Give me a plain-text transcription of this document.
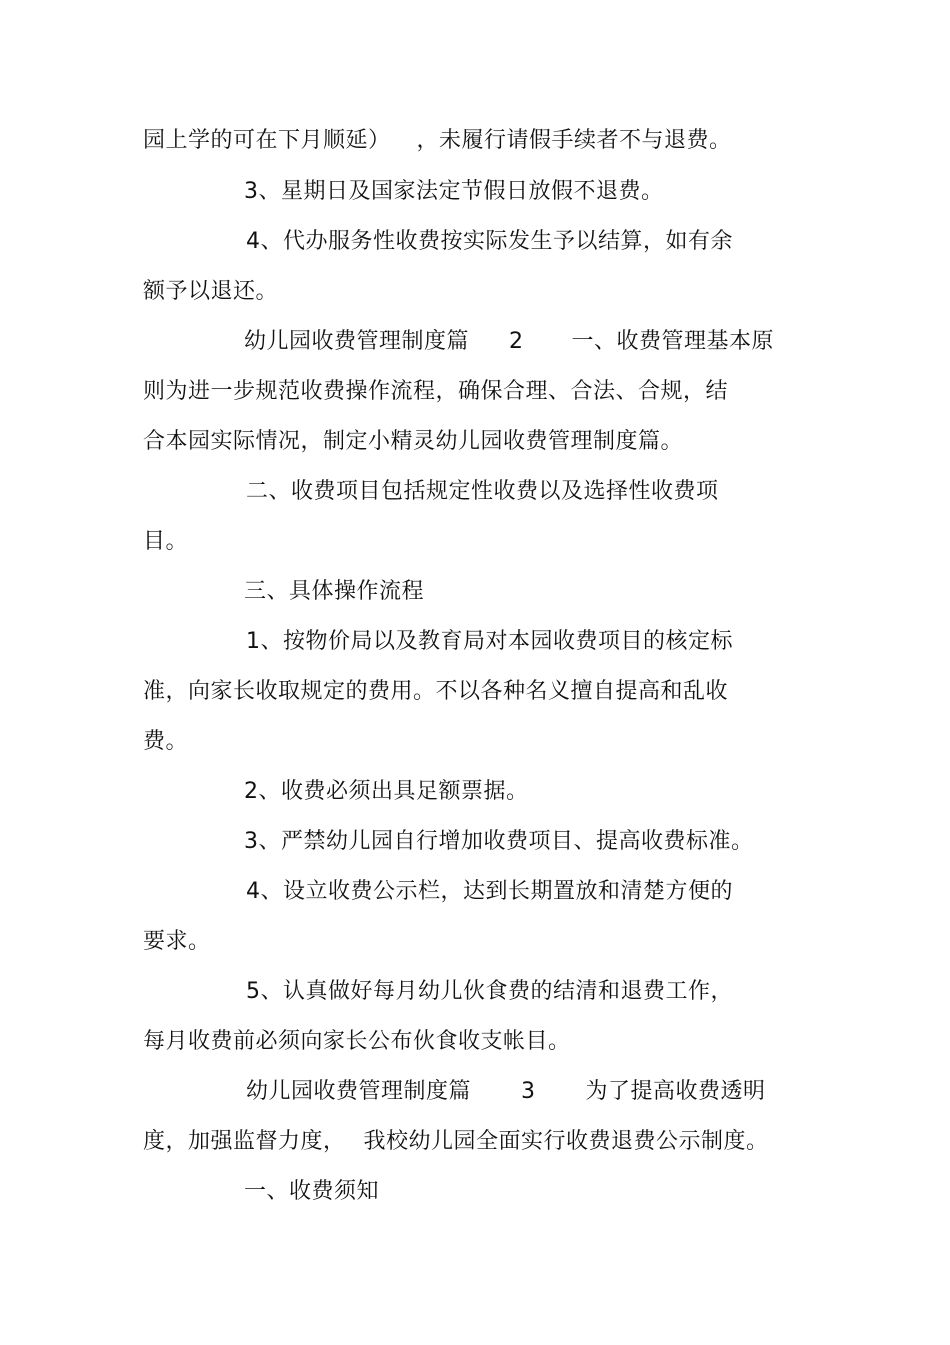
园上学的可在下月顺延） ，未履行请假手续者不与退费。
3、星期日及国家法定节假日放假不退费。
4、代办服务性收费按实际发生予以结算，如有余
额予以退还。
幼儿园收费管理制度篇 2 一、收费管理基本原
则为进一步规范收费操作流程，确保合理、合法、合规，结
合本园实际情况，制定小精灵幼儿园收费管理制度篇。
二、收费项目包括规定性收费以及选择性收费项
目。
三、具体操作流程
1、按物价局以及教育局对本园收费项目的核定标
准，向家长收取规定的费用。不以各种名义擅自提高和乱收
费。
2、收费必须出具足额票据。
3、严禁幼儿园自行增加收费项目、提高收费标准。
4、设立收费公示栏，达到长期置放和清楚方便的
要求。
5、认真做好每月幼儿伙食费的结清和退费工作，
每月收费前必须向家长公布伙食收支帐目。
幼儿园收费管理制度篇 3 为了提高收费透明
度，加强监督力度， 我校幼儿园全面实行收费退费公示制度。
一、收费须知
